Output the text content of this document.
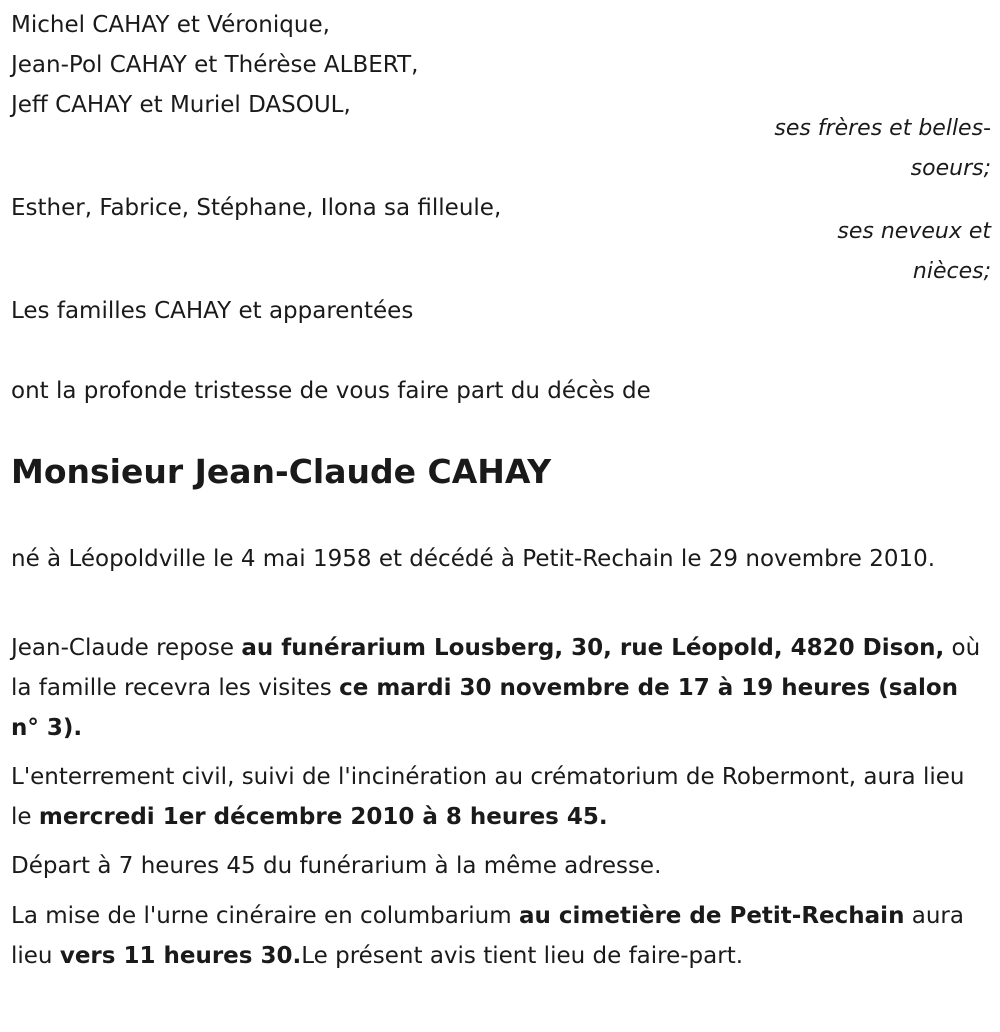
Michel CAHAY et Véronique,
Jean-Pol CAHAY et Thérèse ALBERT,
Jeff CAHAY et Muriel DASOUL,
ses frères et belles-
soeurs;
Esther, Fabrice, Stéphane, Ilona sa filleule,
ses neveux et
nièces;
Les familles CAHAY et apparentées
ont la profonde tristesse de vous faire part du décès de
Monsieur Jean-Claude CAHAY
né à Léopoldville le 4 mai 1958 et décédé à Petit-Rechain le 29 novembre 2010.
Jean-Claude repose au funérarium Lousberg, 30, rue Léopold, 4820 Dison, où la famille recevra les visites ce mardi 30 novembre de 17 à 19 heures (salon n° 3).
L'enterrement civil, suivi de l'incinération au crématorium de Robermont, aura lieu le mercredi 1er décembre 2010 à 8 heures 45.
Départ à 7 heures 45 du funérarium à la même adresse.
La mise de l'urne cinéraire en columbarium au cimetière de Petit-Rechain aura lieu vers 11 heures 30.Le présent avis tient lieu de faire-part.
